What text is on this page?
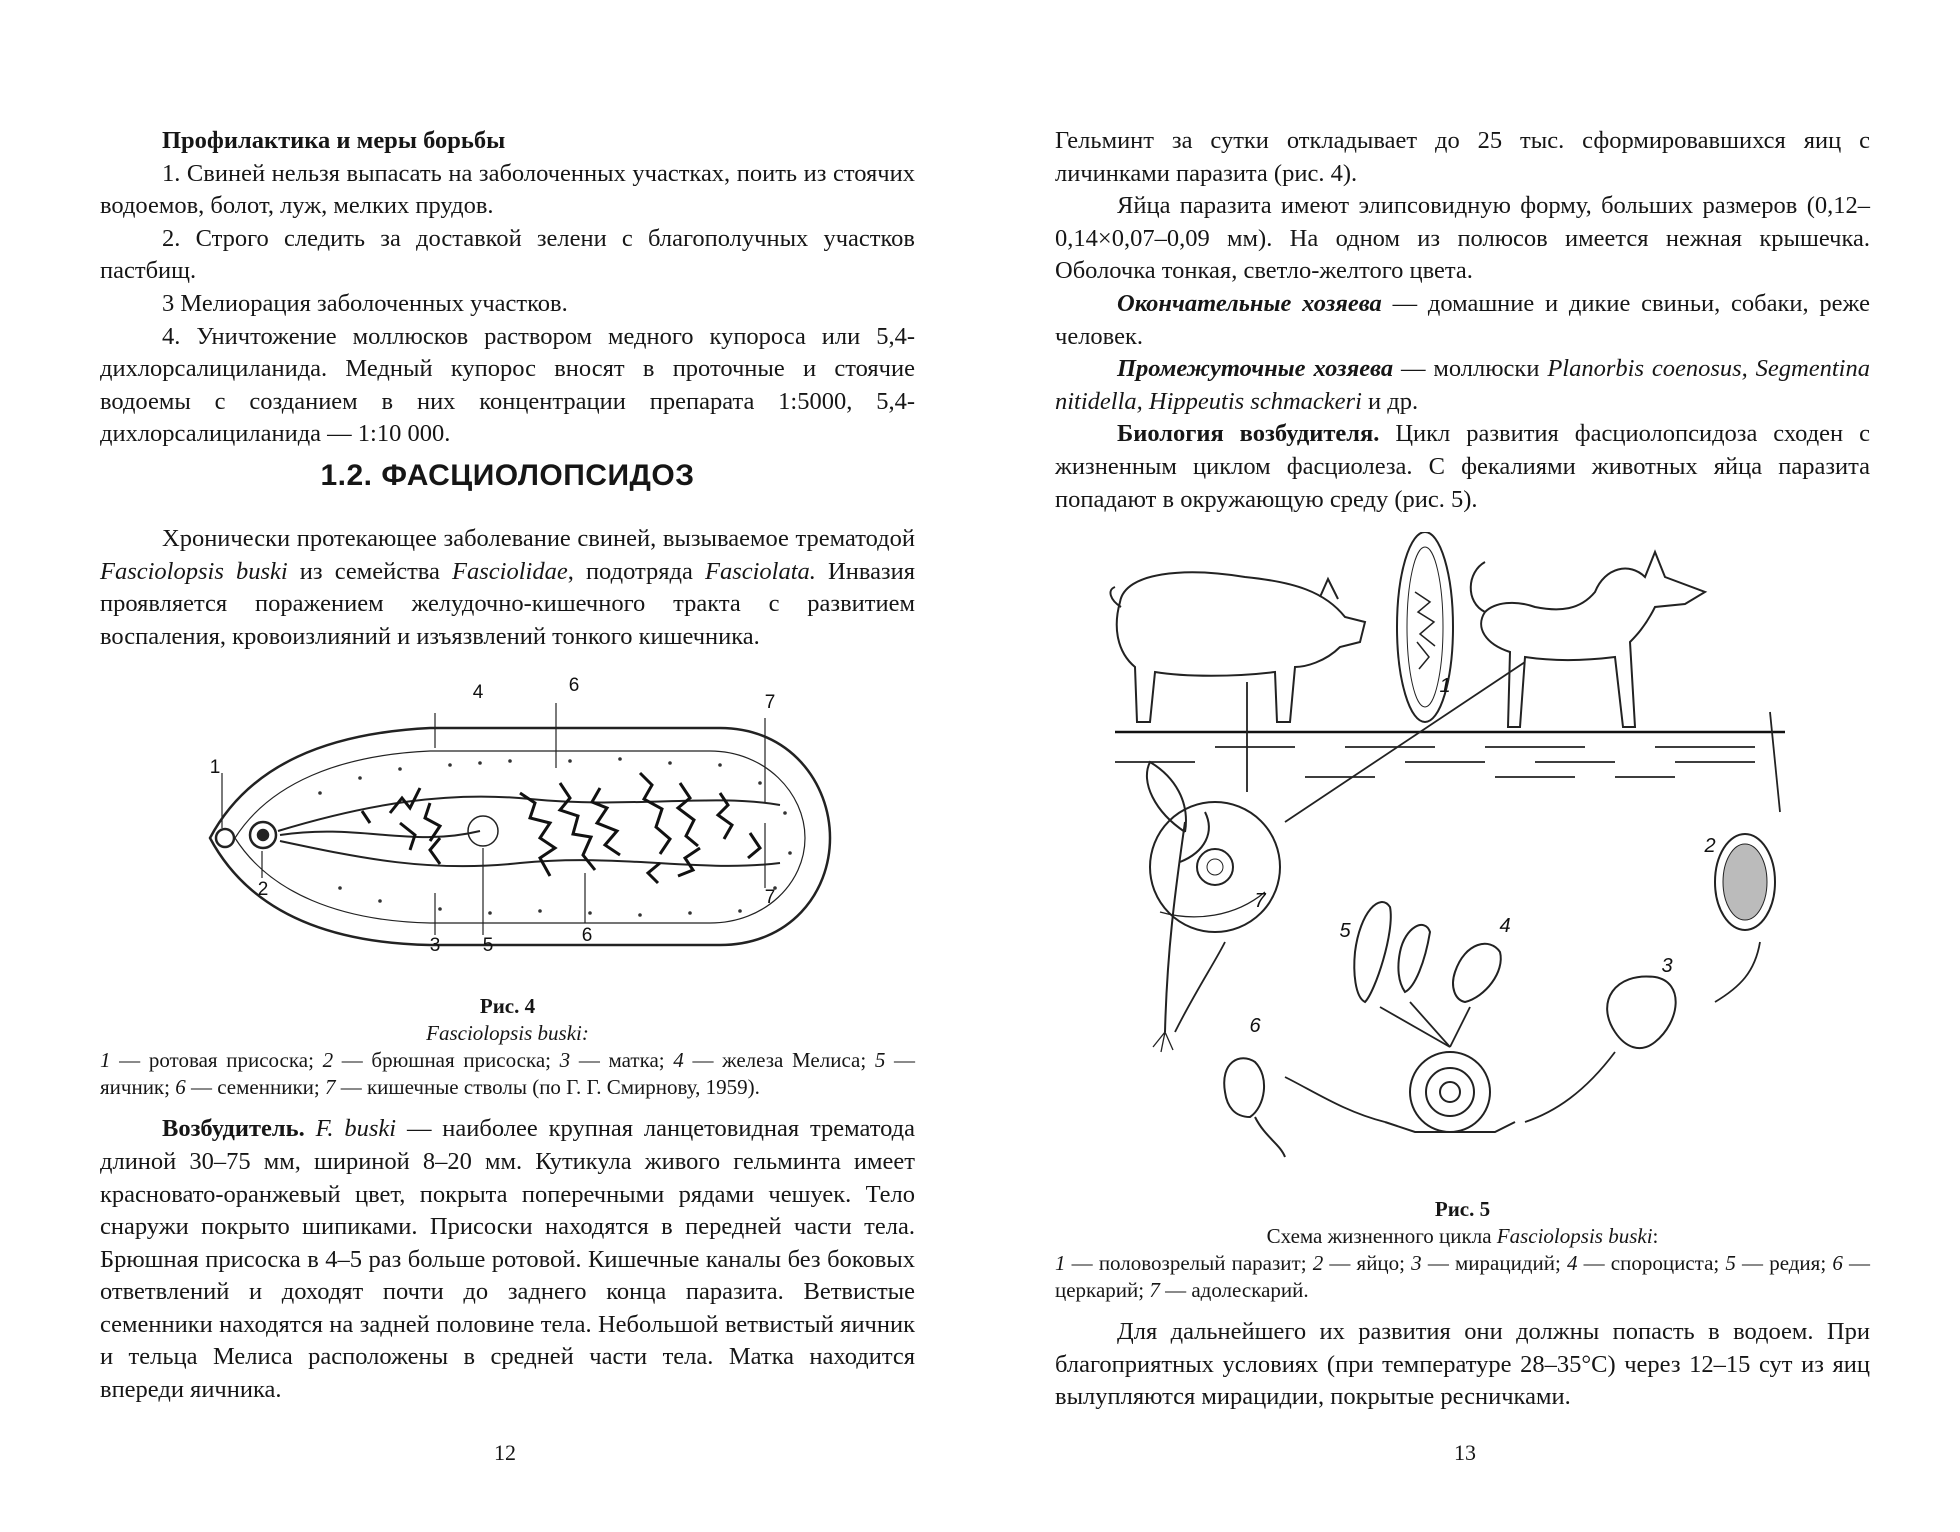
Профилактика и меры борьбы

1. Свиней нельзя выпасать на заболоченных участках, поить из стоячих водоемов, болот, луж, мелких прудов.

2. Строго следить за доставкой зелени с благополучных участков пастбищ.

3 Мелиорация заболоченных участков.

4. Уничтожение моллюсков раствором медного купороса или 5,4-дихлорсалициланида. Медный купорос вносят в проточные и стоячие водоемы с созданием в них концентрации препарата 1:5000, 5,4-дихлорсалициланида — 1:10 000.

1.2. ФАСЦИОЛОПСИДОЗ

Хронически протекающее заболевание свиней, вызываемое трематодой Fasciolopsis buski из семейства Fasciolidae, подотряда Fasciolata. Инвазия проявляется поражением желудочно-кишечного тракта с развитием воспаления, кровоизлияний и изъязвлений тонкого кишечника.

1
2
3
4
5
6
6
7
7
Рис. 4
Fasciolopsis buski:
1 — ротовая присоска; 2 — брюшная присоска; 3 — матка; 4 — железа Мелиса; 5 — яичник; 6 — семенники; 7 — кишечные стволы (по Г. Г. Смирнову, 1959).

Возбудитель. F. buski — наиболее крупная ланцетовидная трематода длиной 30–75 мм, шириной 8–20 мм. Кутикула живого гельминта имеет красновато-оранжевый цвет, покрыта поперечными рядами чешуек. Тело снаружи покрыто шипиками. Присоски находятся в передней части тела. Брюшная присоска в 4–5 раз больше ротовой. Кишечные каналы без боковых ответвлений и доходят почти до заднего конца паразита. Ветвистые семенники находятся на задней половине тела. Небольшой ветвистый яичник и тельца Мелиса расположены в средней части тела. Матка находится впереди яичника.

12

Гельминт за сутки откладывает до 25 тыс. сформировавшихся яиц с личинками паразита (рис. 4).

Яйца паразита имеют элипсовидную форму, больших размеров (0,12–0,14×0,07–0,09 мм). На одном из полюсов имеется нежная крышечка. Оболочка тонкая, светло-желтого цвета.

Окончательные хозяева — домашние и дикие свиньи, собаки, реже человек.

Промежуточные хозяева — моллюски Planorbis coenosus, Segmentina nitidella, Hippeutis schmackeri и др.

Биология возбудителя. Цикл развития фасциолопсидоза сходен с жизненным циклом фасциолеза. С фекалиями животных яйца паразита попадают в окружающую среду (рис. 5).

1
2
3
4
5
6
7
Рис. 5
Схема жизненного цикла Fasciolopsis buski:
1 — половозрелый паразит; 2 — яйцо; 3 — мирацидий; 4 — спороциста; 5 — редия; 6 — церкарий; 7 — адолескарий.

Для дальнейшего их развития они должны попасть в водоем. При благоприятных условиях (при температуре 28–35°C) через 12–15 сут из яиц вылупляются мирацидии, покрытые ресничками.

13
